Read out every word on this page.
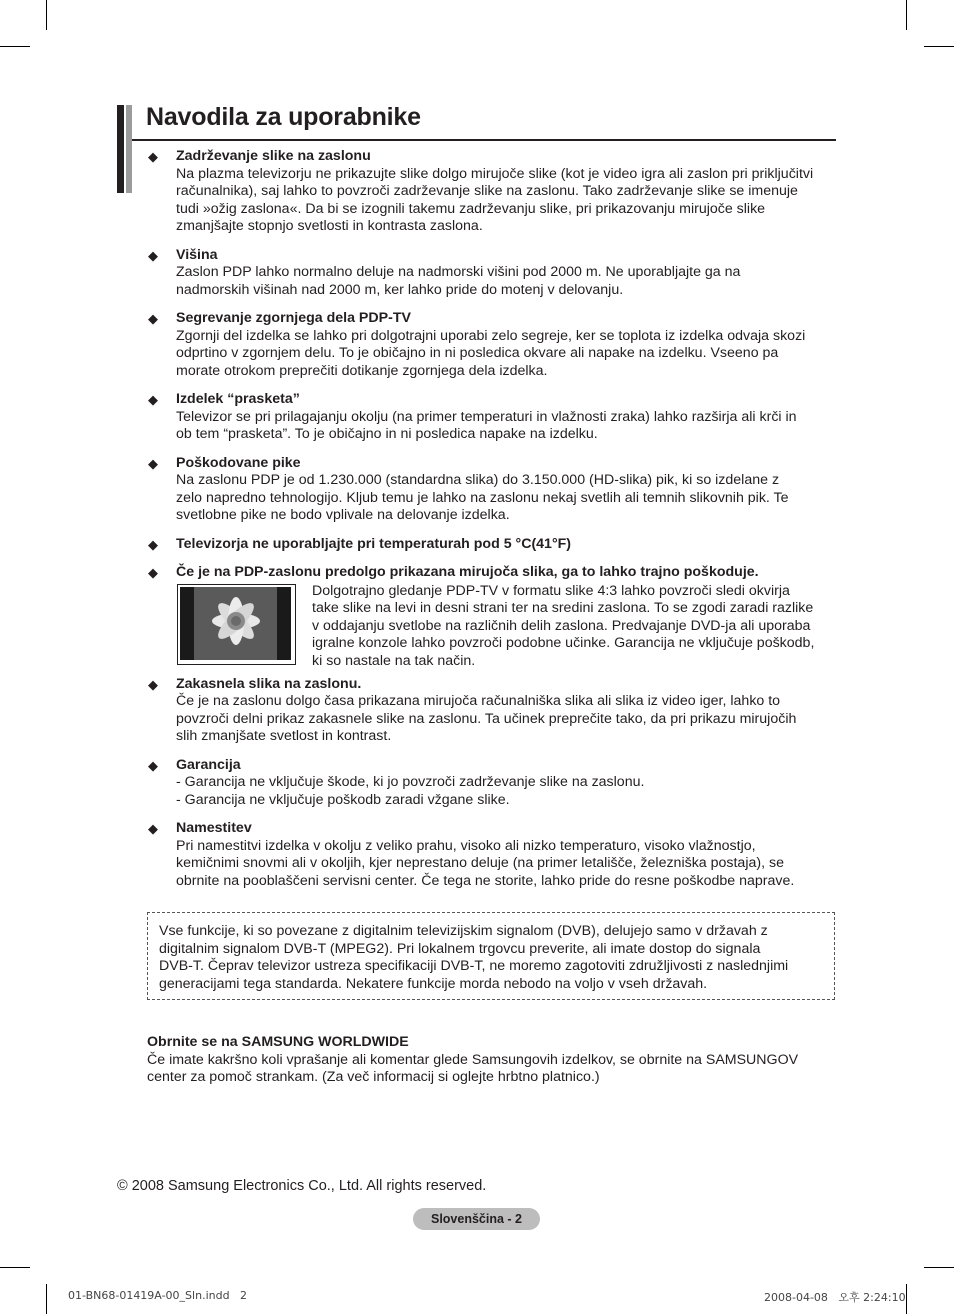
Navodila za uporabnike
◆ Zadrževanje slike na zaslonu
Na plazma televizorju ne prikazujte slike dolgo mirujoče slike (kot je video igra ali zaslon pri priključitvi
računalnika), saj lahko to povzroči zadrževanje slike na zaslonu. Tako zadrževanje slike se imenuje
tudi »ožig zaslona«. Da bi se izognili takemu zadrževanju slike, pri prikazovanju mirujoče slike
zmanjšajte stopnjo svetlosti in kontrasta zaslona.
◆ Višina
Zaslon PDP lahko normalno deluje na nadmorski višini pod 2000 m. Ne uporabljajte ga na
nadmorskih višinah nad 2000 m, ker lahko pride do motenj v delovanju.
◆ Segrevanje zgornjega dela PDP-TV
Zgornji del izdelka se lahko pri dolgotrajni uporabi zelo segreje, ker se toplota iz izdelka odvaja skozi
odprtino v zgornjem delu. To je običajno in ni posledica okvare ali napake na izdelku. Vseeno pa
morate otrokom preprečiti dotikanje zgornjega dela izdelka.
◆ Izdelek “prasketa”
Televizor se pri prilagajanju okolju (na primer temperaturi in vlažnosti zraka) lahko razširja ali krči in
ob tem “prasketa”. To je običajno in ni posledica napake na izdelku.
◆ Poškodovane pike
Na zaslonu PDP je od 1.230.000 (standardna slika) do 3.150.000 (HD-slika) pik, ki so izdelane z
zelo napredno tehnologijo. Kljub temu je lahko na zaslonu nekaj svetlih ali temnih slikovnih pik. Te
svetlobne pike ne bodo vplivale na delovanje izdelka.
◆ Televizorja ne uporabljajte pri temperaturah pod 5 °C(41°F)
◆ Če je na PDP-zaslonu predolgo prikazana mirujoča slika, ga to lahko trajno poškoduje.
Dolgotrajno gledanje PDP-TV v formatu slike 4:3 lahko povzroči sledi okvirja
take slike na levi in desni strani ter na sredini zaslona. To se zgodi zaradi razlike
v oddajanju svetlobe na različnih delih zaslona. Predvajanje DVD-ja ali uporaba
igralne konzole lahko povzroči podobne učinke. Garancija ne vključuje poškodb,
ki so nastale na tak način.
◆ Zakasnela slika na zaslonu.
Če je na zaslonu dolgo časa prikazana mirujoča računalniška slika ali slika iz video iger, lahko to
povzroči delni prikaz zakasnele slike na zaslonu. Ta učinek preprečite tako, da pri prikazu mirujočih
slih zmanjšate svetlost in kontrast.
◆ Garancija
- Garancija ne vključuje škode, ki jo povzroči zadrževanje slike na zaslonu.
- Garancija ne vključuje poškodb zaradi vžgane slike.
◆ Namestitev
Pri namestitvi izdelka v okolju z veliko prahu, visoko ali nizko temperaturo, visoko vlažnostjo,
kemičnimi snovmi ali v okoljih, kjer neprestano deluje (na primer letališče, železniška postaja), se
obrnite na pooblaščeni servisni center. Če tega ne storite, lahko pride do resne poškodbe naprave.
Vse funkcije, ki so povezane z digitalnim televizijskim signalom (DVB), delujejo samo v državah z
digitalnim signalom DVB-T (MPEG2). Pri lokalnem trgovcu preverite, ali imate dostop do signala
DVB-T. Čeprav televizor ustreza specifikaciji DVB-T, ne moremo zagotoviti združljivosti z naslednjimi
generacijami tega standarda. Nekatere funkcije morda nebodo na voljo v vseh državah.
Obrnite se na SAMSUNG WORLDWIDE
Če imate kakršno koli vprašanje ali komentar glede Samsungovih izdelkov, se obrnite na SAMSUNGOV
center za pomoč strankam. (Za več informacij si oglejte hrbtno platnico.)
© 2008 Samsung Electronics Co., Ltd. All rights reserved.
Slovenščina - 2
01-BN68-01419A-00_Sln.indd   2	2008-04-08   오후 2:24:10
